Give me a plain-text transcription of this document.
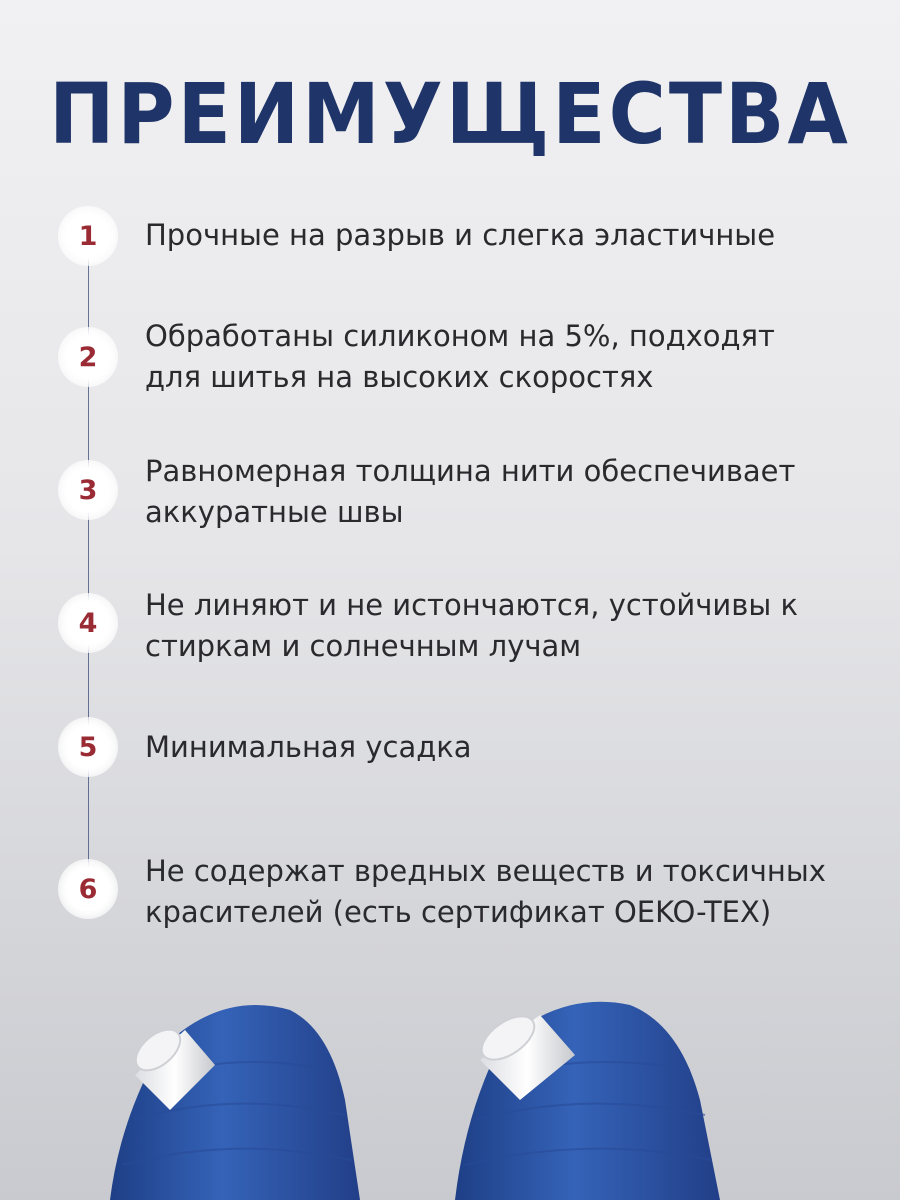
ПРЕИМУЩЕСТВА
1 Прочные на разрыв и слегка эластичные

2

Обработаны силиконом на 5%, подходят для шитья на высоких скоростях

3

Равномерная толщина нити обеспечивает аккуратные швы

4

Не линяют и не истончаются, устойчивы к стиркам и солнечным лучам

5 Минимальная усадка

6

Не содержат вредных веществ и токсичных красителей (есть сертификат OEKO-TEX)
